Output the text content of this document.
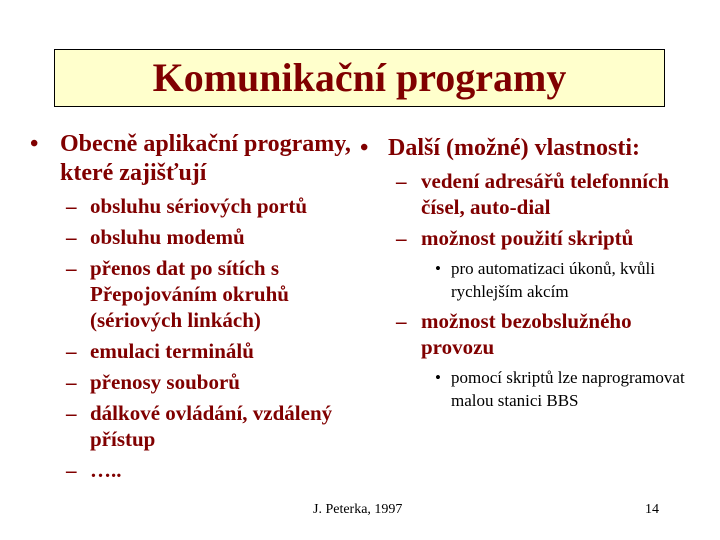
Komunikační programy
• Obecně aplikační programy, které zajišťují
– obsluhu sériových portů
– obsluhu modemů
– přenos dat po sítích s Přepojováním okruhů (sériových linkách)
– emulaci terminálů
– přenosy souborů
– dálkové ovládání, vzdálený přístup
– …..
• Další (možné) vlastnosti:
– vedení adresářů telefonních čísel, auto-dial
– možnost použití skriptů
• pro automatizaci úkonů, kvůli rychlejším akcím
– možnost bezobslužného provozu
• pomocí skriptů lze naprogramovat malou stanici BBS
J. Peterka, 1997	14
